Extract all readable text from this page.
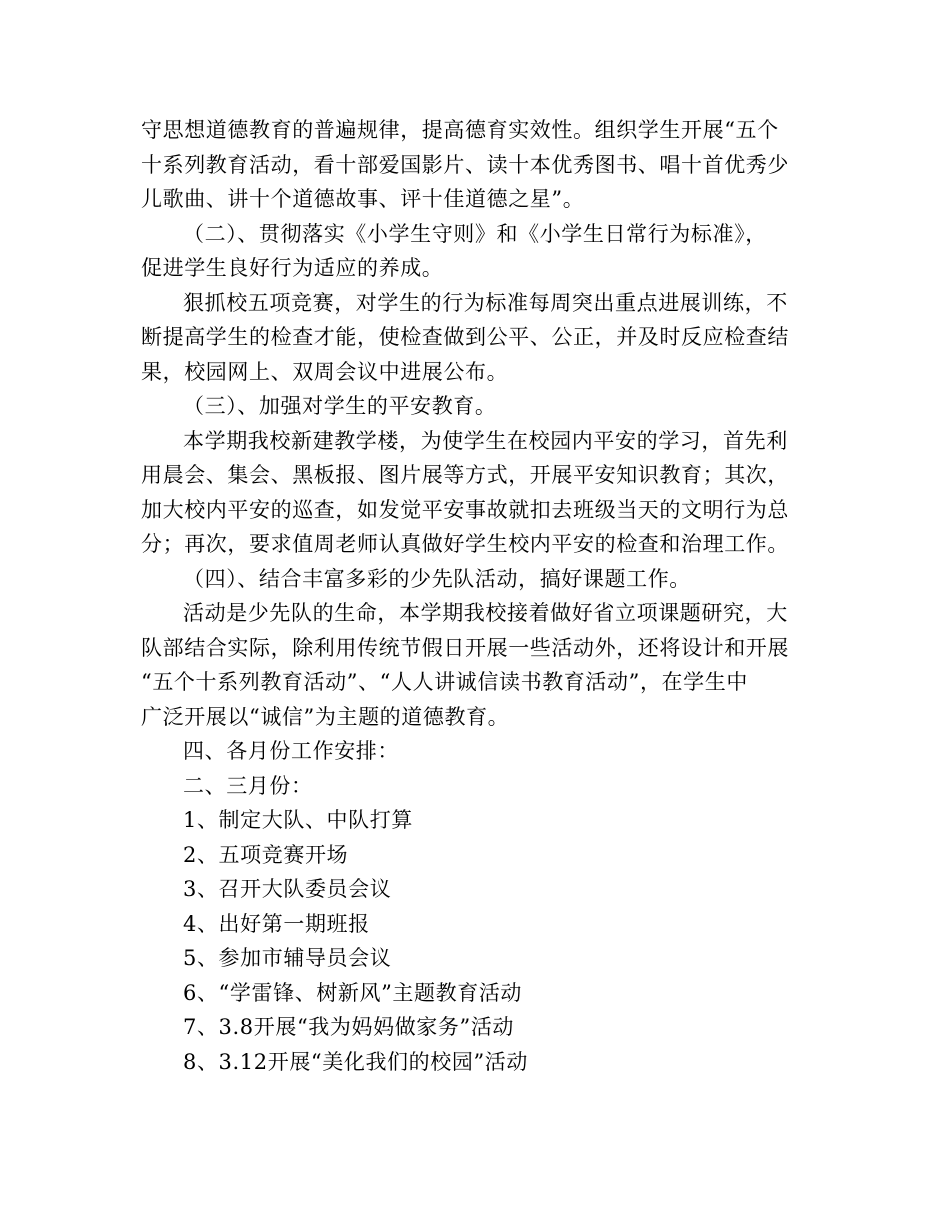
守思想道德教育的普遍规律，提高德育实效性。组织学生开展“五个
十系列教育活动，看十部爱国影片、读十本优秀图书、唱十首优秀少
儿歌曲、讲十个道德故事、评十佳道德之星”。
（二）、贯彻落实《小学生守则》和《小学生日常行为标准》，
促进学生良好行为适应的养成。
狠抓校五项竞赛，对学生的行为标准每周突出重点进展训练，不
断提高学生的检查才能，使检查做到公平、公正，并及时反应检查结
果，校园网上、双周会议中进展公布。
（三）、加强对学生的平安教育。
本学期我校新建教学楼，为使学生在校园内平安的学习，首先利
用晨会、集会、黑板报、图片展等方式，开展平安知识教育；其次，
加大校内平安的巡查，如发觉平安事故就扣去班级当天的文明行为总
分；再次，要求值周老师认真做好学生校内平安的检查和治理工作。
（四）、结合丰富多彩的少先队活动，搞好课题工作。
活动是少先队的生命，本学期我校接着做好省立项课题研究，大
队部结合实际，除利用传统节假日开展一些活动外，还将设计和开展
“五个十系列教育活动”、“人人讲诚信读书教育活动”，在学生中
广泛开展以“诚信”为主题的道德教育。
四、各月份工作安排：
二、三月份：
1、制定大队、中队打算
2、五项竞赛开场
3、召开大队委员会议
4、出好第一期班报
5、参加市辅导员会议
6、“学雷锋、树新风”主题教育活动
7、3.8开展“我为妈妈做家务”活动
8、3.12开展“美化我们的校园”活动
